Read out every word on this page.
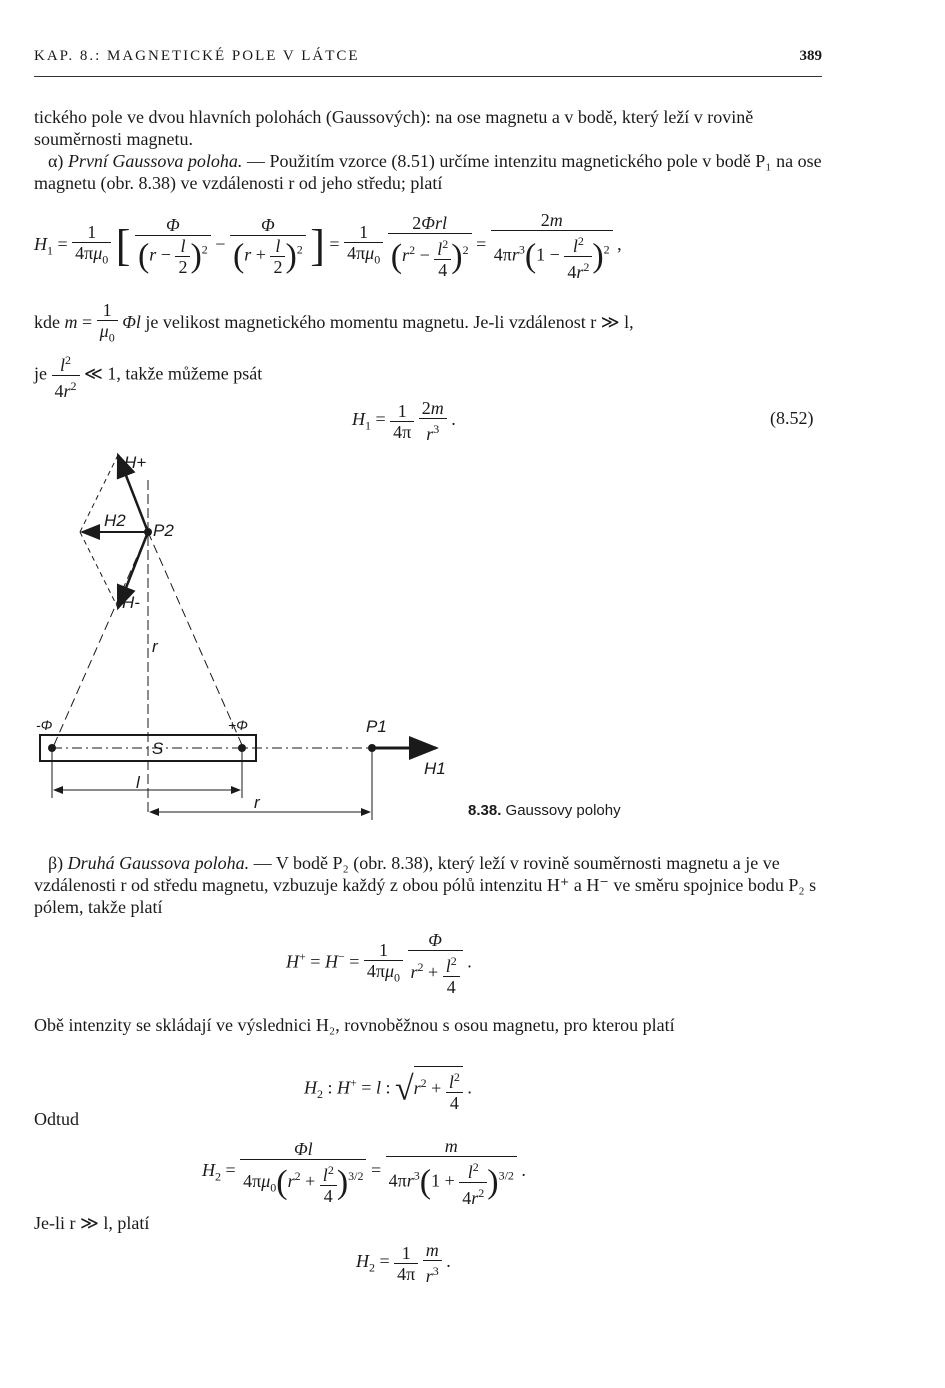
KAP. 8.: MAGNETICKÉ POLE V LÁTCE	389
tického pole ve dvou hlavních polohách (Gaussových): na ose magnetu a v bodě, který leží v rovině souměrnosti magnetu.
α) První Gaussova poloha. — Použitím vzorce (8.51) určíme intenzitu magnetického pole v bodě P₁ na ose magnetu (obr. 8.38) ve vzdálenosti r od jeho středu; platí
$H_1 = \frac{1}{4\pi\mu_0}$ [ $\frac{\Phi}{(r - \frac{l}{2} )^2} - \frac{\Phi}{(r + \frac{l}{2} )^2}$ ] = $\frac{1}{4\pi\mu_0}$
$\frac{\text{2Φrl}}{(r^2 - \frac{l^2}{4} )^2} = \frac{2m}{4\pi r^3(1 - \frac{l^2}{4r^2} )^2}$ ,
kde $m = \frac{1}{\mu_0}$ Φl je velikost magnetického momentu magnetu. Je-li vzdálenost r ≫ l,
je $\frac{l^2}{4r^2}$ ≪ 1, takže můžeme psát
$H_1 = \frac{1}{4\pi}$
$\frac{2m}{r^3}$ .	(8.52)
H+
H2
P2
H-
r
-Φ	+Φ
S
P1
H1
l
r	8.38. Gaussovy polohy
β) Druhá Gaussova poloha. — V bodě P₂ (obr. 8.38), který leží v rovině souměrnosti magnetu a je ve vzdálenosti r od středu magnetu, vzbuzuje každý z obou pólů intenzitu H⁺ a H⁻ ve směru spojnice bodu P₂ s pólem, takže platí
$H^+ = H^- = \frac{1}{4\pi\mu_0}$
$\frac{\Phi}{r^2 + \frac{l^2}{4}}$ .
Obě intenzity se skládají ve výslednici H₂, rovnoběžnou s osou magnetu, pro kterou platí
$H_2$ : H+ = l : $√r^2 + \frac{l^2}{4}$ .
Odtud
$H_2 = \frac{\Phi l}{4\pi\mu_0(r^2 + \frac{l^2}{4} )^{3/2}} = \frac{m}{4\pi r^3(1 + \frac{l^2}{4r^2} )^{3/2}}$ .
Je-li r ≫ l, platí
$H_2 = \frac{1}{4\pi}$
$\frac{m}{r^3}$ .
